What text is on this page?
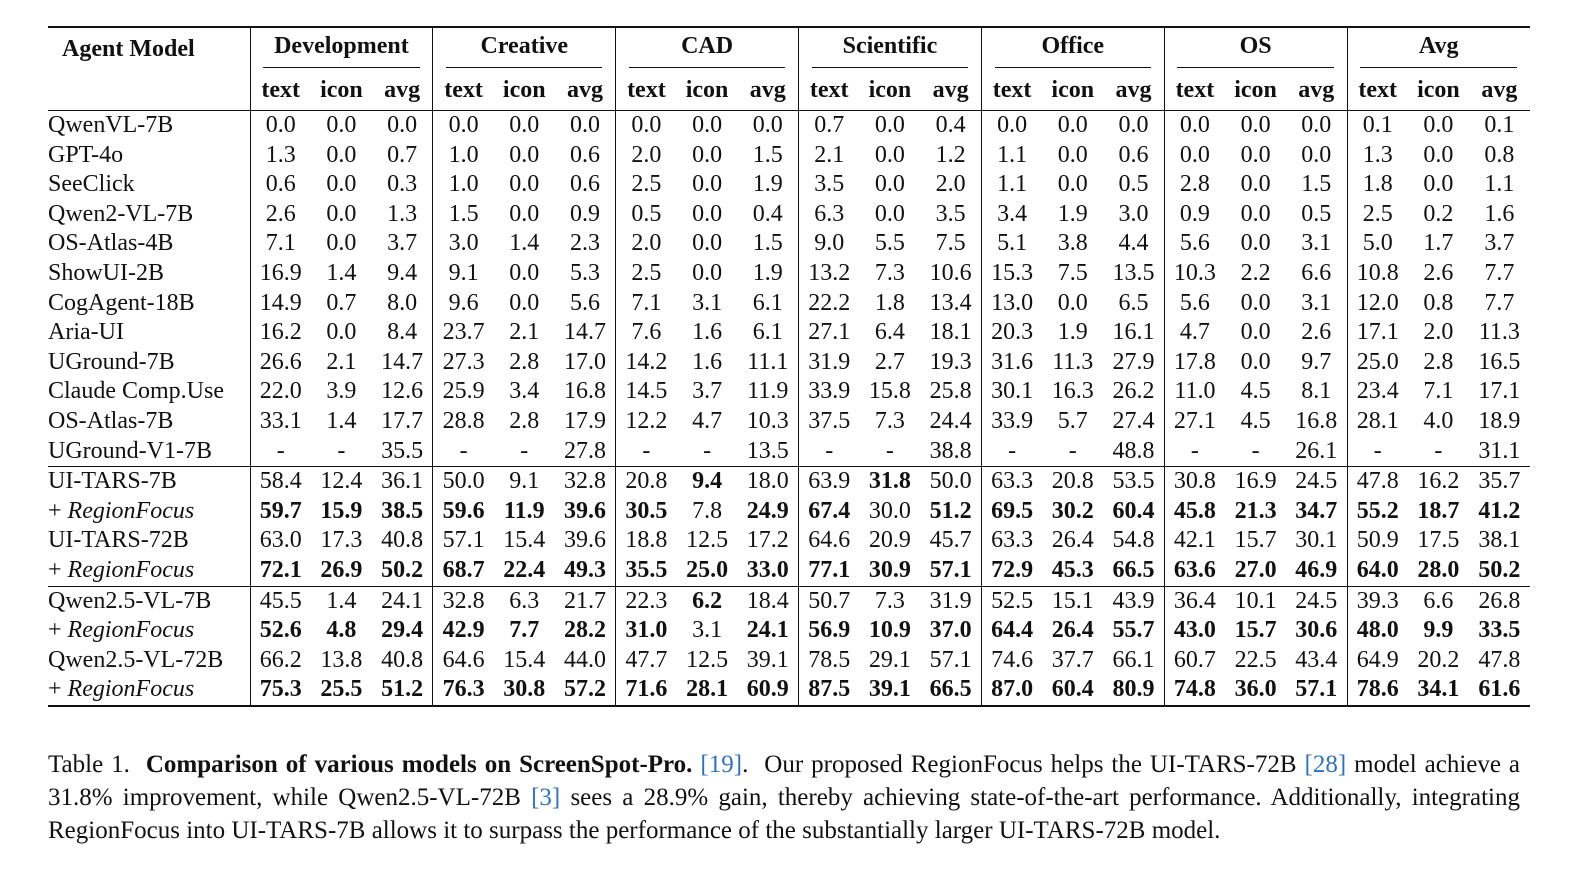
Agent Model	Development			Creative			CAD			Scientific			Office			OS			Avg		
	text	icon	avg	text	icon	avg	text	icon	avg	text	icon	avg	text	icon	avg	text	icon	avg	text	icon	avg
QwenVL-7B	0.0	0.0	0.0	0.0	0.0	0.0	0.0	0.0	0.0	0.7	0.0	0.4	0.0	0.0	0.0	0.0	0.0	0.0	0.1	0.0	0.1
GPT-4o	1.3	0.0	0.7	1.0	0.0	0.6	2.0	0.0	1.5	2.1	0.0	1.2	1.1	0.0	0.6	0.0	0.0	0.0	1.3	0.0	0.8
SeeClick	0.6	0.0	0.3	1.0	0.0	0.6	2.5	0.0	1.9	3.5	0.0	2.0	1.1	0.0	0.5	2.8	0.0	1.5	1.8	0.0	1.1
Qwen2-VL-7B	2.6	0.0	1.3	1.5	0.0	0.9	0.5	0.0	0.4	6.3	0.0	3.5	3.4	1.9	3.0	0.9	0.0	0.5	2.5	0.2	1.6
OS-Atlas-4B	7.1	0.0	3.7	3.0	1.4	2.3	2.0	0.0	1.5	9.0	5.5	7.5	5.1	3.8	4.4	5.6	0.0	3.1	5.0	1.7	3.7
ShowUI-2B	16.9	1.4	9.4	9.1	0.0	5.3	2.5	0.0	1.9	13.2	7.3	10.6	15.3	7.5	13.5	10.3	2.2	6.6	10.8	2.6	7.7
CogAgent-18B	14.9	0.7	8.0	9.6	0.0	5.6	7.1	3.1	6.1	22.2	1.8	13.4	13.0	0.0	6.5	5.6	0.0	3.1	12.0	0.8	7.7
Aria-UI	16.2	0.0	8.4	23.7	2.1	14.7	7.6	1.6	6.1	27.1	6.4	18.1	20.3	1.9	16.1	4.7	0.0	2.6	17.1	2.0	11.3
UGround-7B	26.6	2.1	14.7	27.3	2.8	17.0	14.2	1.6	11.1	31.9	2.7	19.3	31.6	11.3	27.9	17.8	0.0	9.7	25.0	2.8	16.5
Claude Comp.Use	22.0	3.9	12.6	25.9	3.4	16.8	14.5	3.7	11.9	33.9	15.8	25.8	30.1	16.3	26.2	11.0	4.5	8.1	23.4	7.1	17.1
OS-Atlas-7B	33.1	1.4	17.7	28.8	2.8	17.9	12.2	4.7	10.3	37.5	7.3	24.4	33.9	5.7	27.4	27.1	4.5	16.8	28.1	4.0	18.9
UGround-V1-7B	-	-	35.5	-	-	27.8	-	-	13.5	-	-	38.8	-	-	48.8	-	-	26.1	-	-	31.1
UI-TARS-7B	58.4	12.4	36.1	50.0	9.1	32.8	20.8	9.4	18.0	63.9	31.8	50.0	63.3	20.8	53.5	30.8	16.9	24.5	47.8	16.2	35.7
+ RegionFocus	59.7	15.9	38.5	59.6	11.9	39.6	30.5	7.8	24.9	67.4	30.0	51.2	69.5	30.2	60.4	45.8	21.3	34.7	55.2	18.7	41.2
UI-TARS-72B	63.0	17.3	40.8	57.1	15.4	39.6	18.8	12.5	17.2	64.6	20.9	45.7	63.3	26.4	54.8	42.1	15.7	30.1	50.9	17.5	38.1
+ RegionFocus	72.1	26.9	50.2	68.7	22.4	49.3	35.5	25.0	33.0	77.1	30.9	57.1	72.9	45.3	66.5	63.6	27.0	46.9	64.0	28.0	50.2
Qwen2.5-VL-7B	45.5	1.4	24.1	32.8	6.3	21.7	22.3	6.2	18.4	50.7	7.3	31.9	52.5	15.1	43.9	36.4	10.1	24.5	39.3	6.6	26.8
+ RegionFocus	52.6	4.8	29.4	42.9	7.7	28.2	31.0	3.1	24.1	56.9	10.9	37.0	64.4	26.4	55.7	43.0	15.7	30.6	48.0	9.9	33.5
Qwen2.5-VL-72B	66.2	13.8	40.8	64.6	15.4	44.0	47.7	12.5	39.1	78.5	29.1	57.1	74.6	37.7	66.1	60.7	22.5	43.4	64.9	20.2	47.8
+ RegionFocus	75.3	25.5	51.2	76.3	30.8	57.2	71.6	28.1	60.9	87.5	39.1	66.5	87.0	60.4	80.9	74.8	36.0	57.1	78.6	34.1	61.6
Table 1. Comparison of various models on ScreenSpot-Pro. [19].  Our proposed RegionFocus helps the UI-TARS-72B [28] model achieve a 31.8% improvement, while Qwen2.5-VL-72B [3] sees a 28.9% gain, thereby achieving state-of-the-art performance. Additionally, integrating RegionFocus into UI-TARS-7B allows it to surpass the performance of the substantially larger UI-TARS-72B model.
